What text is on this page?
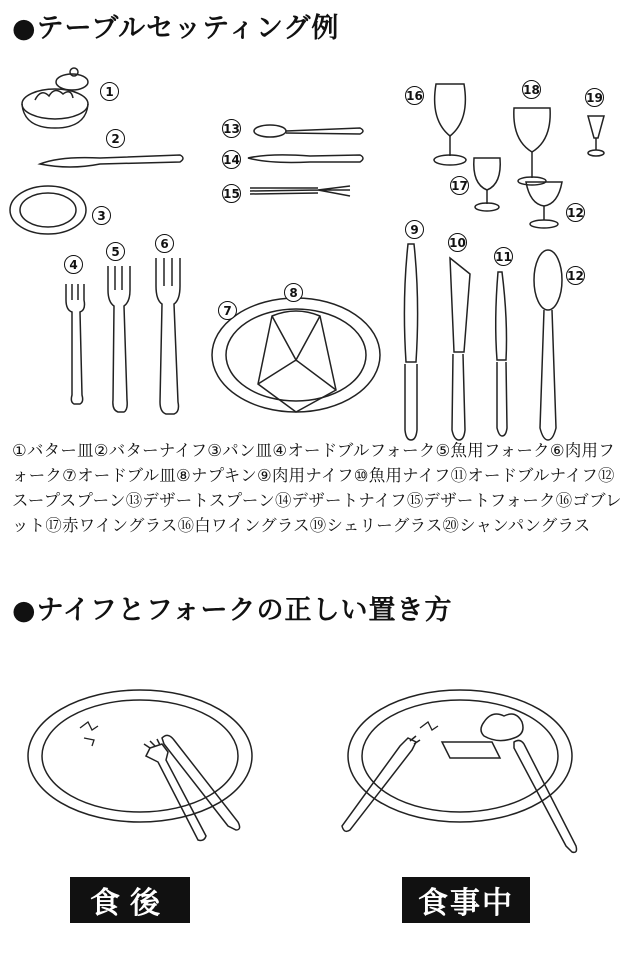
●テーブルセッティング例
1
2
3
4
5
6
7
8
9
10
11
12
13
14
15
16
17
18
19
12
①バター皿②バターナイフ③パン皿④オードブルフォーク⑤魚用フォーク⑥肉用フォーク⑦オードブル皿⑧ナプキン⑨肉用ナイフ⑩魚用ナイフ⑪オードブルナイフ⑫スープスプーン⑬デザートスプーン⑭デザートナイフ⑮デザートフォーク⑯ゴブレット⑰赤ワイングラス⑯白ワイングラス⑲シェリーグラス⑳シャンパングラス
●ナイフとフォークの正しい置き方
食後	食事中
